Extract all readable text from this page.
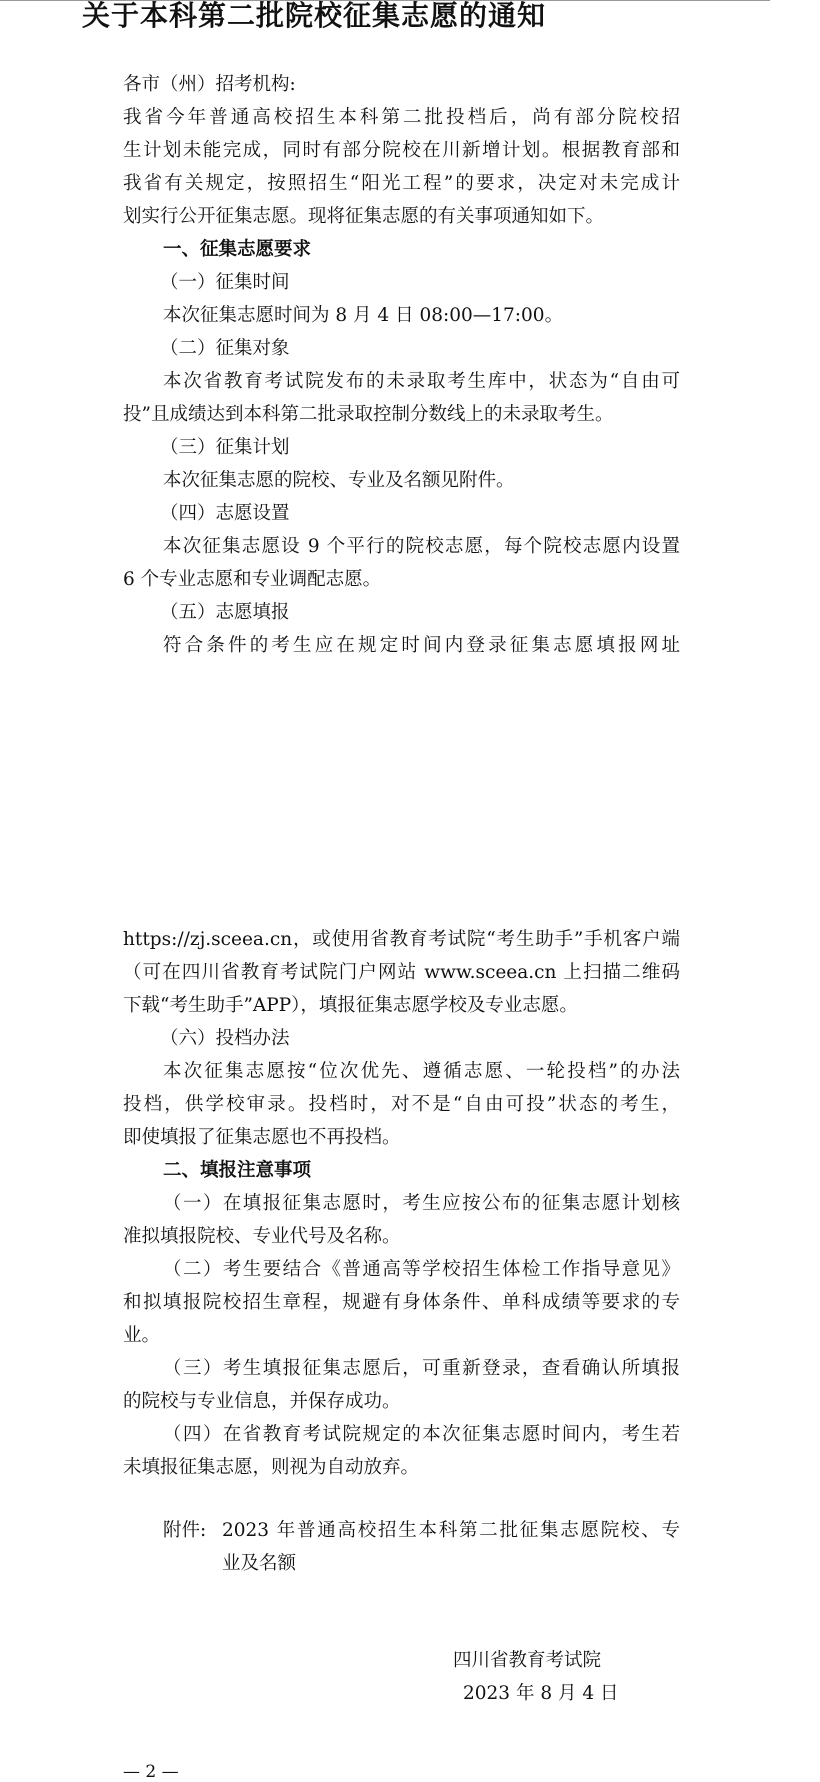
关于本科第二批院校征集志愿的通知
各市（州）招考机构:
我省今年普通高校招生本科第二批投档后，尚有部分院校招
生计划未能完成，同时有部分院校在川新增计划。根据教育部和
我省有关规定，按照招生“阳光工程”的要求，决定对未完成计
划实行公开征集志愿。现将征集志愿的有关事项通知如下。
一、征集志愿要求
（一）征集时间
本次征集志愿时间为 8 月 4 日 08:00—17:00。
（二）征集对象
本次省教育考试院发布的未录取考生库中，状态为“自由可
投”且成绩达到本科第二批录取控制分数线上的未录取考生。
（三）征集计划
本次征集志愿的院校、专业及名额见附件。
（四）志愿设置
本次征集志愿设 9 个平行的院校志愿，每个院校志愿内设置
6 个专业志愿和专业调配志愿。
（五）志愿填报
符合条件的考生应在规定时间内登录征集志愿填报网址
https://zj.sceea.cn，或使用省教育考试院“考生助手”手机客户端
（可在四川省教育考试院门户网站 www.sceea.cn 上扫描二维码
下载“考生助手”APP），填报征集志愿学校及专业志愿。
（六）投档办法
本次征集志愿按“位次优先、遵循志愿、一轮投档”的办法
投档，供学校审录。投档时，对不是“自由可投”状态的考生，
即使填报了征集志愿也不再投档。
二、填报注意事项
（一）在填报征集志愿时，考生应按公布的征集志愿计划核
准拟填报院校、专业代号及名称。
（二）考生要结合《普通高等学校招生体检工作指导意见》
和拟填报院校招生章程，规避有身体条件、单科成绩等要求的专
业。
（三）考生填报征集志愿后，可重新登录，查看确认所填报
的院校与专业信息，并保存成功。
（四）在省教育考试院规定的本次征集志愿时间内，考生若
未填报征集志愿，则视为自动放弃。
附件: 2023 年普通高校招生本科第二批征集志愿院校、专
业及名额
四川省教育考试院
2023 年 8 月 4 日
— 2 —
